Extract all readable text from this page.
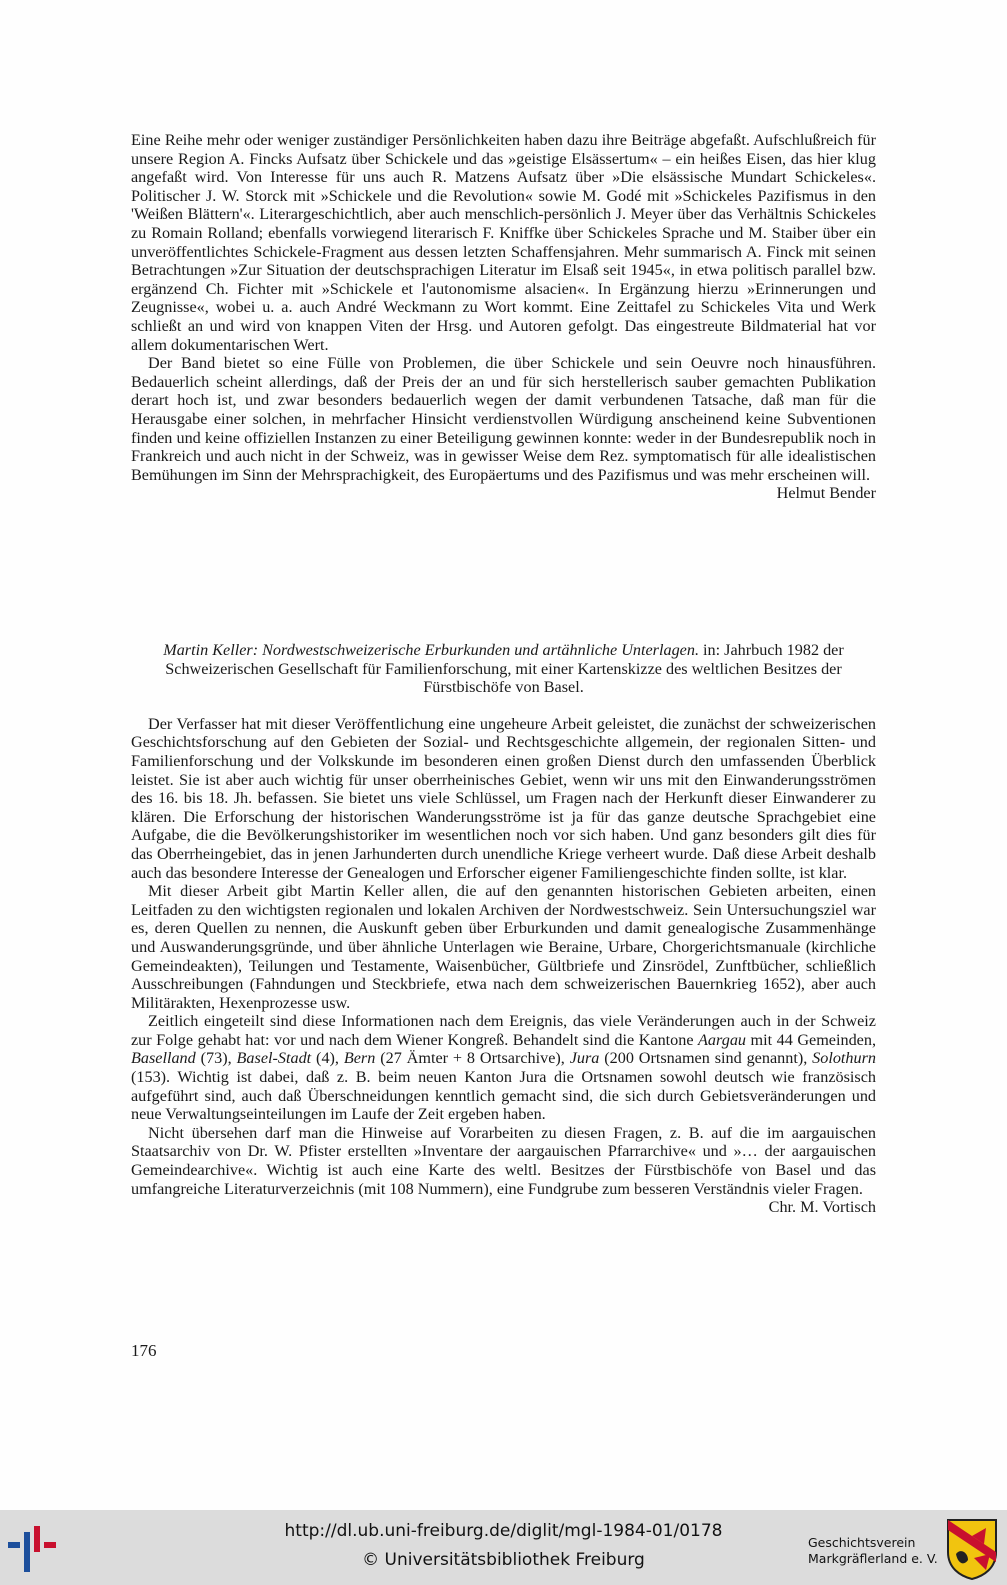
Eine Reihe mehr oder weniger zuständiger Persönlichkeiten haben dazu ihre Beiträge abgefaßt. Aufschlußreich für unsere Region A. Fincks Aufsatz über Schickele und das »geistige Elsässertum« – ein heißes Eisen, das hier klug angefaßt wird. Von Interesse für uns auch R. Matzens Aufsatz über »Die elsässische Mundart Schickeles«. Politischer J. W. Storck mit »Schickele und die Revolution« sowie M. Godé mit »Schickeles Pazifismus in den 'Weißen Blättern'«. Literargeschichtlich, aber auch menschlich-persönlich J. Meyer über das Verhältnis Schickeles zu Romain Rolland; ebenfalls vorwiegend literarisch F. Kniffke über Schickeles Sprache und M. Staiber über ein unveröffentlichtes Schickele-Fragment aus dessen letzten Schaffensjahren. Mehr summarisch A. Finck mit seinen Betrachtungen »Zur Situation der deutschsprachigen Literatur im Elsaß seit 1945«, in etwa politisch parallel bzw. ergänzend Ch. Fichter mit »Schickele et l'autonomisme alsacien«. In Ergänzung hierzu »Erinnerungen und Zeugnisse«, wobei u. a. auch André Weckmann zu Wort kommt. Eine Zeittafel zu Schickeles Vita und Werk schließt an und wird von knappen Viten der Hrsg. und Autoren gefolgt. Das eingestreute Bildmaterial hat vor allem dokumentarischen Wert.

Der Band bietet so eine Fülle von Problemen, die über Schickele und sein Oeuvre noch hinausführen. Bedauerlich scheint allerdings, daß der Preis der an und für sich herstellerisch sauber gemachten Publikation derart hoch ist, und zwar besonders bedauerlich wegen der damit verbundenen Tatsache, daß man für die Herausgabe einer solchen, in mehrfacher Hinsicht verdienstvollen Würdigung anscheinend keine Subventionen finden und keine offiziellen Instanzen zu einer Beteiligung gewinnen konnte: weder in der Bundesrepublik noch in Frankreich und auch nicht in der Schweiz, was in gewisser Weise dem Rez. symptomatisch für alle idealistischen Bemühungen im Sinn der Mehrsprachigkeit, des Europäertums und des Pazifismus und was mehr erscheinen will.

Helmut Bender

Martin Keller: Nordwestschweizerische Erburkunden und artähnliche Unterlagen. in: Jahrbuch 1982 der Schweizerischen Gesellschaft für Familienforschung, mit einer Kartenskizze des weltlichen Besitzes der Fürstbischöfe von Basel.

Der Verfasser hat mit dieser Veröffentlichung eine ungeheure Arbeit geleistet, die zunächst der schweizerischen Geschichtsforschung auf den Gebieten der Sozial- und Rechtsgeschichte allgemein, der regionalen Sitten- und Familienforschung und der Volkskunde im besonderen einen großen Dienst durch den umfassenden Überblick leistet. Sie ist aber auch wichtig für unser oberrheinisches Gebiet, wenn wir uns mit den Einwanderungsströmen des 16. bis 18. Jh. befassen. Sie bietet uns viele Schlüssel, um Fragen nach der Herkunft dieser Einwanderer zu klären. Die Erforschung der historischen Wanderungsströme ist ja für das ganze deutsche Sprachgebiet eine Aufgabe, die die Bevölkerungshistoriker im wesentlichen noch vor sich haben. Und ganz besonders gilt dies für das Oberrheingebiet, das in jenen Jarhunderten durch unendliche Kriege verheert wurde. Daß diese Arbeit deshalb auch das besondere Interesse der Genealogen und Erforscher eigener Familiengeschichte finden sollte, ist klar.

Mit dieser Arbeit gibt Martin Keller allen, die auf den genannten historischen Gebieten arbeiten, einen Leitfaden zu den wichtigsten regionalen und lokalen Archiven der Nordwestschweiz. Sein Untersuchungsziel war es, deren Quellen zu nennen, die Auskunft geben über Erburkunden und damit genealogische Zusammenhänge und Auswanderungsgründe, und über ähnliche Unterlagen wie Beraine, Urbare, Chorgerichtsmanuale (kirchliche Gemeindeakten), Teilungen und Testamente, Waisenbücher, Gültbriefe und Zinsrödel, Zunftbücher, schließlich Ausschreibungen (Fahndungen und Steckbriefe, etwa nach dem schweizerischen Bauernkrieg 1652), aber auch Militärakten, Hexenprozesse usw.

Zeitlich eingeteilt sind diese Informationen nach dem Ereignis, das viele Veränderungen auch in der Schweiz zur Folge gehabt hat: vor und nach dem Wiener Kongreß. Behandelt sind die Kantone Aargau mit 44 Gemeinden, Baselland (73), Basel-Stadt (4), Bern (27 Ämter + 8 Ortsarchive), Jura (200 Ortsnamen sind genannt), Solothurn (153). Wichtig ist dabei, daß z. B. beim neuen Kanton Jura die Ortsnamen sowohl deutsch wie französisch aufgeführt sind, auch daß Überschneidungen kenntlich gemacht sind, die sich durch Gebietsveränderungen und neue Verwaltungseinteilungen im Laufe der Zeit ergeben haben.

Nicht übersehen darf man die Hinweise auf Vorarbeiten zu diesen Fragen, z. B. auf die im aargauischen Staatsarchiv von Dr. W. Pfister erstellten »Inventare der aargauischen Pfarrarchive« und »… der aargauischen Gemeindearchive«. Wichtig ist auch eine Karte des weltl. Besitzes der Fürstbischöfe von Basel und das umfangreiche Literaturverzeichnis (mit 108 Nummern), eine Fundgrube zum besseren Verständnis vieler Fragen.
Chr. M. Vortisch

176
http://dl.ub.uni-freiburg.de/diglit/mgl-1984-01/0178
© Universitätsbibliothek Freiburg
Geschichtsverein
Markgräflerland e. V.
